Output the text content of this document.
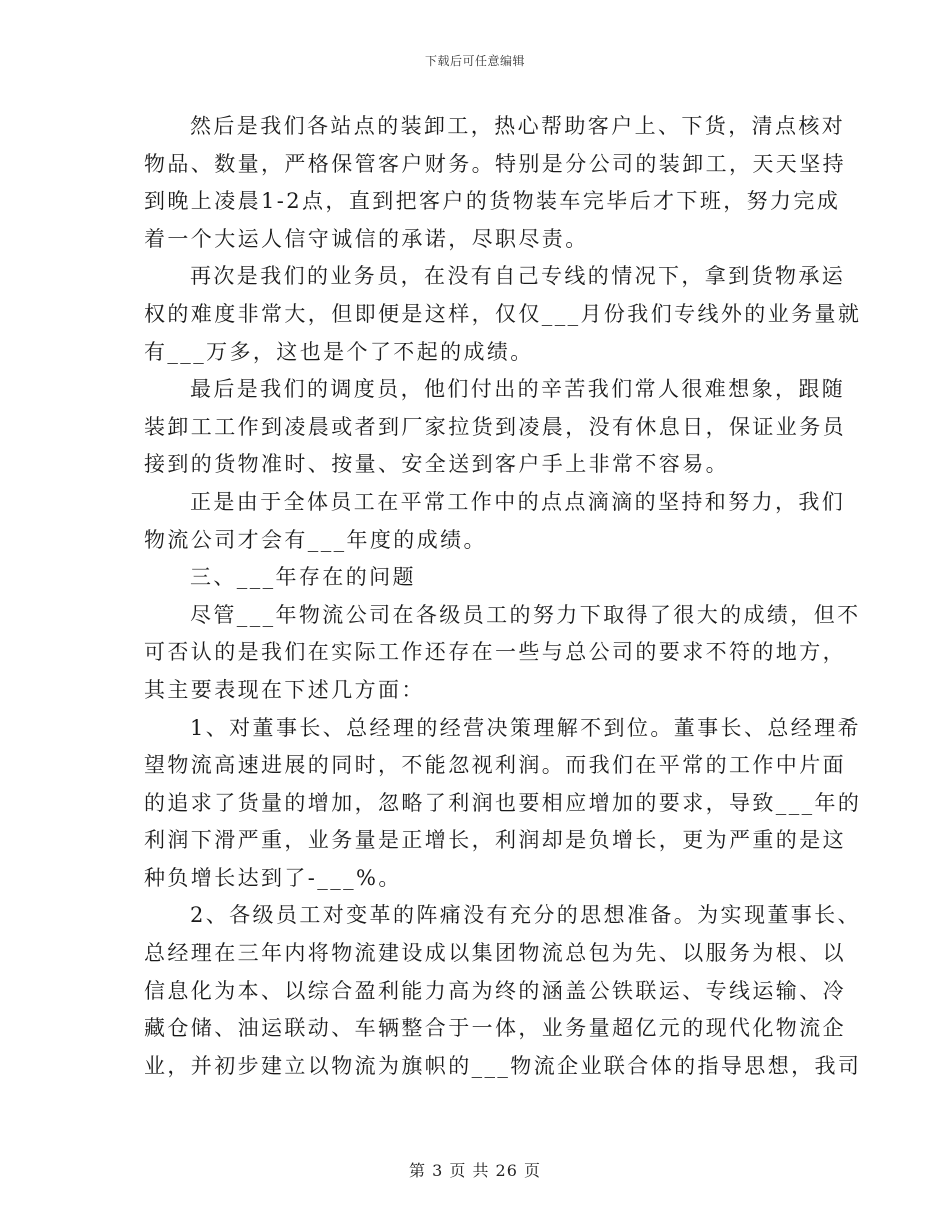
下载后可任意编辑

然后是我们各站点的装卸工，热心帮助客户上、下货，清点核对
物品、数量，严格保管客户财务。特别是分公司的装卸工，天天坚持
到晚上凌晨1-2点，直到把客户的货物装车完毕后才下班，努力完成
着一个大运人信守诚信的承诺，尽职尽责。

再次是我们的业务员，在没有自己专线的情况下，拿到货物承运
权的难度非常大，但即便是这样，仅仅___月份我们专线外的业务量就
有___万多，这也是个了不起的成绩。

最后是我们的调度员，他们付出的辛苦我们常人很难想象，跟随
装卸工工作到凌晨或者到厂家拉货到凌晨，没有休息日，保证业务员
接到的货物准时、按量、安全送到客户手上非常不容易。

正是由于全体员工在平常工作中的点点滴滴的坚持和努力，我们
物流公司才会有___年度的成绩。

三、___年存在的问题

尽管___年物流公司在各级员工的努力下取得了很大的成绩，但不
可否认的是我们在实际工作还存在一些与总公司的要求不符的地方，
其主要表现在下述几方面：

1、对董事长、总经理的经营决策理解不到位。董事长、总经理希
望物流高速进展的同时，不能忽视利润。而我们在平常的工作中片面
的追求了货量的增加，忽略了利润也要相应增加的要求，导致___年的
利润下滑严重，业务量是正增长，利润却是负增长，更为严重的是这
种负增长达到了-___%。

2、各级员工对变革的阵痛没有充分的思想准备。为实现董事长、
总经理在三年内将物流建设成以集团物流总包为先、以服务为根、以
信息化为本、以综合盈利能力高为终的涵盖公铁联运、专线运输、冷
藏仓储、油运联动、车辆整合于一体，业务量超亿元的现代化物流企
业，并初步建立以物流为旗帜的___物流企业联合体的指导思想，我司

第 3 页 共 26 页
